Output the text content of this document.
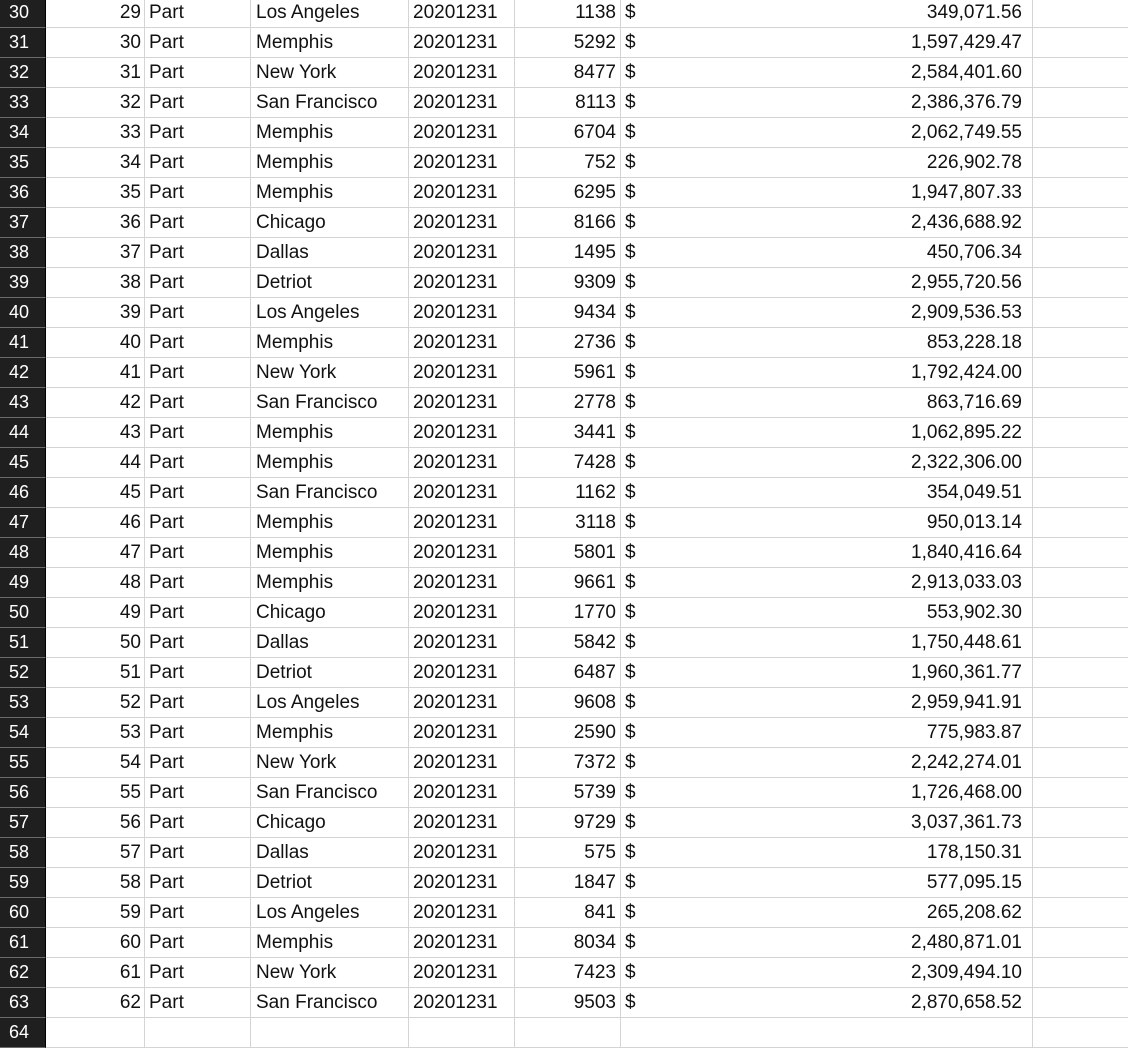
30	29 Part	Los Angeles	20201231	1138 $	349,071.56
31	30 Part	Memphis	20201231	5292 $	1,597,429.47
32	31 Part	New York	20201231	8477 $	2,584,401.60
33	32 Part	San Francisco	20201231	8113 $	2,386,376.79
34	33 Part	Memphis	20201231	6704 $	2,062,749.55
35	34 Part	Memphis	20201231	752 $	226,902.78
36	35 Part	Memphis	20201231	6295 $	1,947,807.33
37	36 Part	Chicago	20201231	8166 $	2,436,688.92
38	37 Part	Dallas	20201231	1495 $	450,706.34
39	38 Part	Detriot	20201231	9309 $	2,955,720.56
40	39 Part	Los Angeles	20201231	9434 $	2,909,536.53
41	40 Part	Memphis	20201231	2736 $	853,228.18
42	41 Part	New York	20201231	5961 $	1,792,424.00
43	42 Part	San Francisco	20201231	2778 $	863,716.69
44	43 Part	Memphis	20201231	3441 $	1,062,895.22
45	44 Part	Memphis	20201231	7428 $	2,322,306.00
46	45 Part	San Francisco	20201231	1162 $	354,049.51
47	46 Part	Memphis	20201231	3118 $	950,013.14
48	47 Part	Memphis	20201231	5801 $	1,840,416.64
49	48 Part	Memphis	20201231	9661 $	2,913,033.03
50	49 Part	Chicago	20201231	1770 $	553,902.30
51	50 Part	Dallas	20201231	5842 $	1,750,448.61
52	51 Part	Detriot	20201231	6487 $	1,960,361.77
53	52 Part	Los Angeles	20201231	9608 $	2,959,941.91
54	53 Part	Memphis	20201231	2590 $	775,983.87
55	54 Part	New York	20201231	7372 $	2,242,274.01
56	55 Part	San Francisco	20201231	5739 $	1,726,468.00
57	56 Part	Chicago	20201231	9729 $	3,037,361.73
58	57 Part	Dallas	20201231	575 $	178,150.31
59	58 Part	Detriot	20201231	1847 $	577,095.15
60	59 Part	Los Angeles	20201231	841 $	265,208.62
61	60 Part	Memphis	20201231	8034 $	2,480,871.01
62	61 Part	New York	20201231	7423 $	2,309,494.10
63	62 Part	San Francisco	20201231	9503 $	2,870,658.52
64
